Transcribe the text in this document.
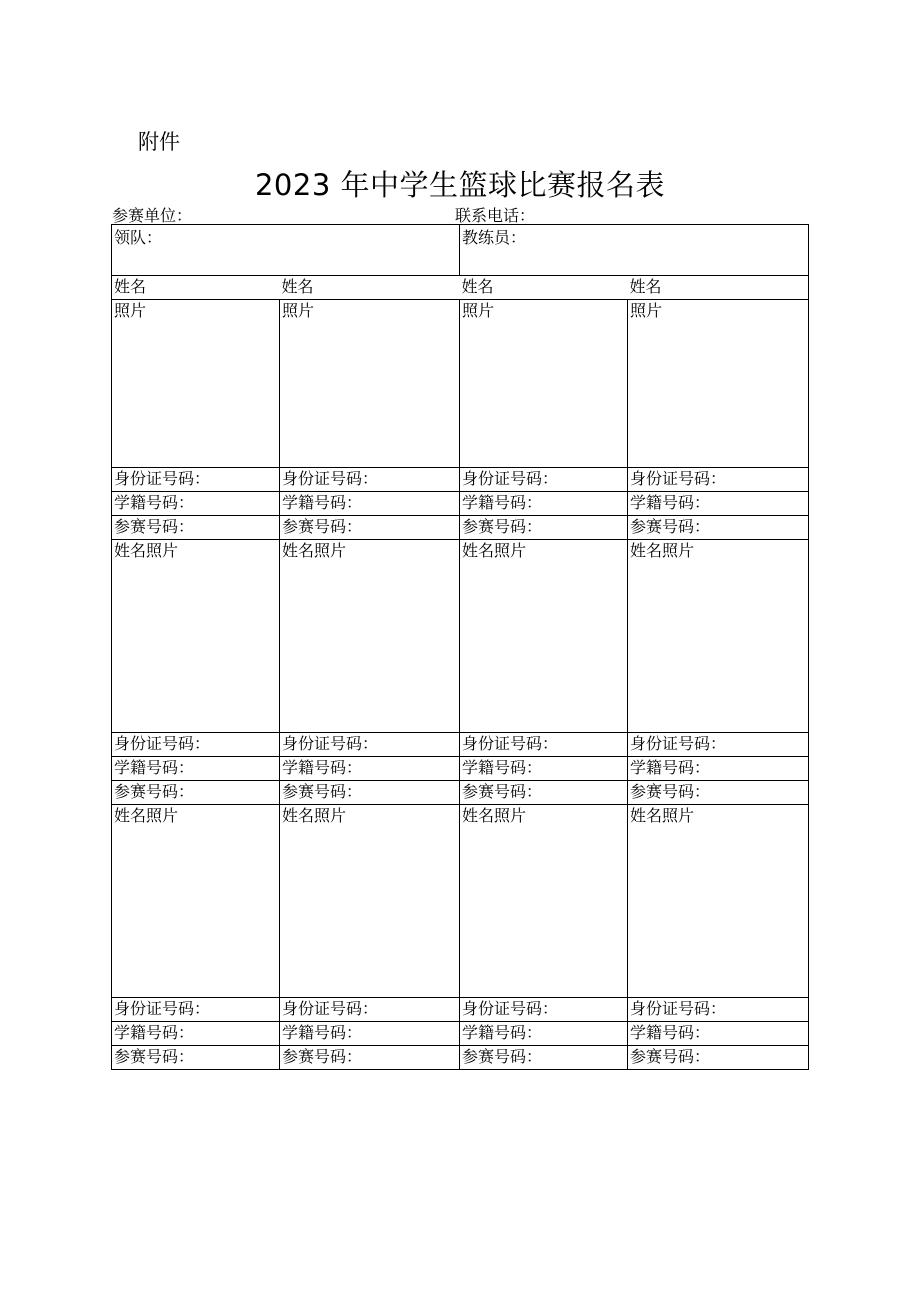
附件
2023 年中学生篮球比赛报名表
参赛单位：	联系电话：
领队：		教练员：	
姓名	姓名	姓名	姓名
照片	照片	照片	照片
身份证号码：	身份证号码：	身份证号码：	身份证号码：
学籍号码：	学籍号码：	学籍号码：	学籍号码：
参赛号码：	参赛号码：	参赛号码：	参赛号码：
姓名照片	姓名照片	姓名照片	姓名照片
身份证号码：	身份证号码：	身份证号码：	身份证号码：
学籍号码：	学籍号码：	学籍号码：	学籍号码：
参赛号码：	参赛号码：	参赛号码：	参赛号码：
姓名照片	姓名照片	姓名照片	姓名照片
身份证号码：	身份证号码：	身份证号码：	身份证号码：
学籍号码：	学籍号码：	学籍号码：	学籍号码：
参赛号码：	参赛号码：	参赛号码：	参赛号码：
